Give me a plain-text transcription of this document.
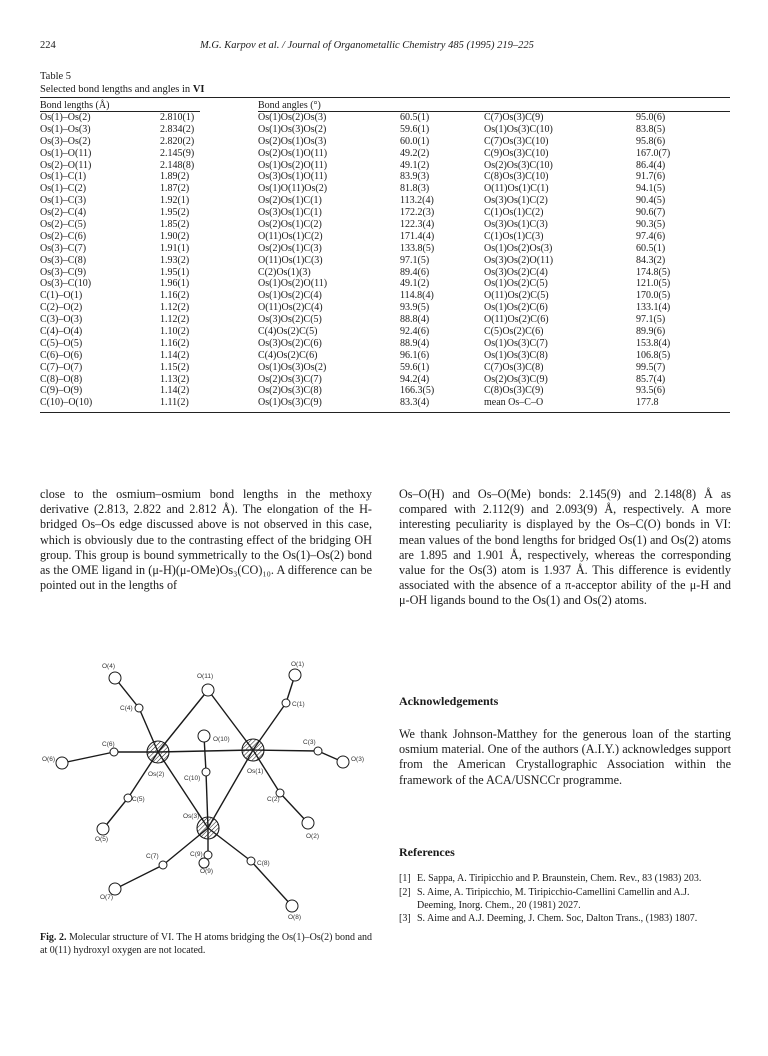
224	M.G. Karpov et al. / Journal of Organometallic Chemistry 485 (1995) 219–225
Table 5
Selected bond lengths and angles in VI
Bond lengths (Å)	Bond angles (°)
Os(1)–Os(2)	2.810(1)	Os(1)Os(2)Os(3)	60.5(1)	C(7)Os(3)C(9)	95.0(6)
Os(1)–Os(3)	2.834(2)	Os(1)Os(3)Os(2)	59.6(1)	Os(1)Os(3)C(10)	83.8(5)
Os(3)–Os(2)	2.820(2)	Os(2)Os(1)Os(3)	60.0(1)	C(7)Os(3)C(10)	95.8(6)
Os(1)–O(11)	2.145(9)	Os(2)Os(1)O(11)	49.2(2)	C(9)Os(3)C(10)	167.0(7)
Os(2)–O(11)	2.148(8)	Os(1)Os(2)O(11)	49.1(2)	Os(2)Os(3)C(10)	86.4(4)
Os(1)–C(1)	1.89(2)	Os(3)Os(1)O(11)	83.9(3)	C(8)Os(3)C(10)	91.7(6)
Os(1)–C(2)	1.87(2)	Os(1)O(11)Os(2)	81.8(3)	O(11)Os(1)C(1)	94.1(5)
Os(1)–C(3)	1.92(1)	Os(2)Os(1)C(1)	113.2(4)	Os(3)Os(1)C(2)	90.4(5)
Os(2)–C(4)	1.95(2)	Os(3)Os(1)C(1)	172.2(3)	C(1)Os(1)C(2)	90.6(7)
Os(2)–C(5)	1.85(2)	Os(2)Os(1)C(2)	122.3(4)	Os(3)Os(1)C(3)	90.3(5)
Os(2)–C(6)	1.90(2)	O(11)Os(1)C(2)	171.4(4)	C(1)Os(1)C(3)	97.4(6)
Os(3)–C(7)	1.91(1)	Os(2)Os(1)C(3)	133.8(5)	Os(1)Os(2)Os(3)	60.5(1)
Os(3)–C(8)	1.93(2)	O(11)Os(1)C(3)	97.1(5)	Os(3)Os(2)O(11)	84.3(2)
Os(3)–C(9)	1.95(1)	C(2)Os(1)(3)	89.4(6)	Os(3)Os(2)C(4)	174.8(5)
Os(3)–C(10)	1.96(1)	Os(1)Os(2)O(11)	49.1(2)	Os(1)Os(2)C(5)	121.0(5)
C(1)–O(1)	1.16(2)	Os(1)Os(2)C(4)	114.8(4)	O(11)Os(2)C(5)	170.0(5)
C(2)–O(2)	1.12(2)	O(11)Os(2)C(4)	93.9(5)	Os(1)Os(2)C(6)	133.1(4)
C(3)–O(3)	1.12(2)	Os(3)Os(2)C(5)	88.8(4)	O(11)Os(2)C(6)	97.1(5)
C(4)–O(4)	1.10(2)	C(4)Os(2)C(5)	92.4(6)	C(5)Os(2)C(6)	89.9(6)
C(5)–O(5)	1.16(2)	Os(3)Os(2)C(6)	88.9(4)	Os(1)Os(3)C(7)	153.8(4)
C(6)–O(6)	1.14(2)	C(4)Os(2)C(6)	96.1(6)	Os(1)Os(3)C(8)	106.8(5)
C(7)–O(7)	1.15(2)	Os(1)Os(3)Os(2)	59.6(1)	C(7)Os(3)C(8)	99.5(7)
C(8)–O(8)	1.13(2)	Os(2)Os(3)C(7)	94.2(4)	Os(2)Os(3)C(9)	85.7(4)
C(9)–O(9)	1.14(2)	Os(2)Os(3)C(8)	166.3(5)	C(8)Os(3)C(9)	93.5(6)
C(10)–O(10)	1.11(2)	Os(1)Os(3)C(9)	83.3(4)	mean Os–C–O	177.8

close to the osmium–osmium bond lengths in the methoxy derivative (2.813, 2.822 and 2.812 Å). The elongation of the H-bridged Os–Os edge discussed above is not observed in this case, which is obviously due to the contrasting effect of the bridging OH group. This group is bound symmetrically to the Os(1)–Os(2) bond as the OME ligand in (μ-H)(μ-OMe)Os₃(CO)₁₀. A difference can be pointed out in the lengths of

Os–O(H) and Os–O(Me) bonds: 2.145(9) and 2.148(8) Å as compared with 2.112(9) and 2.093(9) Å, respectively. A more interesting peculiarity is displayed by the Os–C(O) bonds in VI: mean values of the bond lengths for bridged Os(1) and Os(2) atoms are 1.895 and 1.901 Å, respectively, whereas the corresponding value for the Os(3) atom is 1.937 Å. This difference is evidently associated with the absence of a π-acceptor ability of the μ-H and μ-OH ligands bound to the Os(1) and Os(2) atoms.

Acknowledgements

We thank Johnson-Matthey for the generous loan of the starting osmium material. One of the authors (A.I.Y.) acknowledges support from the American Crystallographic Association within the framework of the ACA/USNCCr programme.

References
[1] E. Sappa, A. Tiripicchio and P. Braunstein, Chem. Rev., 83 (1983) 203.
[2] S. Aime, A. Tiripicchio, M. Tiripicchio-Camellini Camellin and A.J. Deeming, Inorg. Chem., 20 (1981) 2027.
[3] S. Aime and A.J. Deeming, J. Chem. Soc, Dalton Trans., (1983) 1807.
O(4)	O(1)
O(11)
C(4)
C(1)
C(6)	C(3)
O(6)
O(10)
O(3)
Os(2)	Os(1)
C(10)
C(5)	C(2)
O(5)
Os(3)
O(2)
C(7)	C(9)
C(8)
O(9)
O(7)
O(8)
Fig. 2. Molecular structure of VI. The H atoms bridging the Os(1)–Os(2) bond and at 0(11) hydroxyl oxygen are not located.
